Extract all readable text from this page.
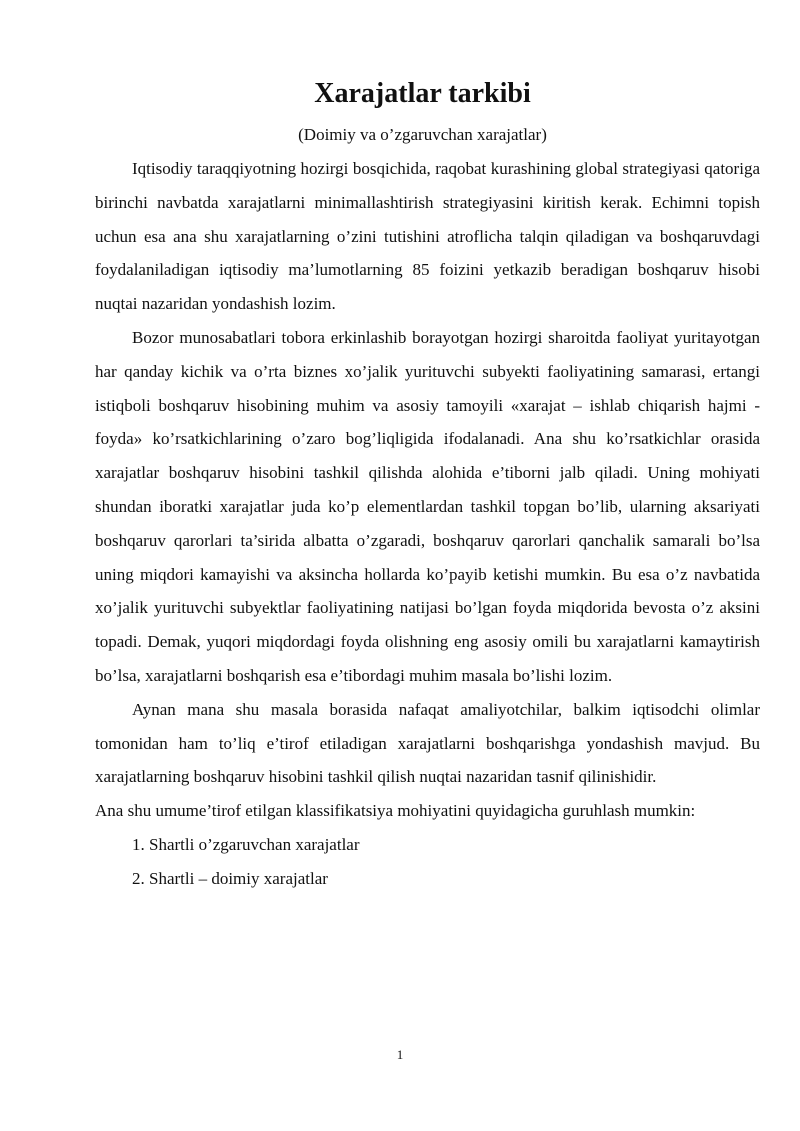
Xarajatlar tarkibi

(Doimiy va o’zgaruvchan xarajatlar)

Iqtisodiy taraqqiyotning hozirgi bosqichida, raqobat kurashining global strategiyasi qatoriga birinchi navbatda xarajatlarni minimallashtirish strategiyasini kiritish kerak. Echimni topish uchun esa ana shu xarajatlarning o’zini tutishini atroflicha talqin qiladigan va boshqaruvdagi foydalaniladigan iqtisodiy ma’lumotlarning 85 foizini yetkazib beradigan boshqaruv hisobi nuqtai nazaridan yondashish lozim.

Bozor munosabatlari tobora erkinlashib borayotgan hozirgi sharoitda faoliyat yuritayotgan har qanday kichik va o’rta biznes xo’jalik yurituvchi subyekti faoliyatining samarasi, ertangi istiqboli boshqaruv hisobining muhim va asosiy tamoyili «xarajat – ishlab chiqarish hajmi - foyda» ko’rsatkichlarining o’zaro bog’liqligida ifodalanadi. Ana shu ko’rsatkichlar orasida xarajatlar boshqaruv hisobini tashkil qilishda alohida e’tiborni jalb qiladi. Uning mohiyati shundan iboratki xarajatlar juda ko’p elementlardan tashkil topgan bo’lib, ularning aksariyati boshqaruv qarorlari ta’sirida albatta o’zgaradi, boshqaruv qarorlari qanchalik samarali bo’lsa uning miqdori kamayishi va aksincha hollarda ko’payib ketishi mumkin. Bu esa o’z navbatida xo’jalik yurituvchi subyektlar faoliyatining natijasi bo’lgan foyda miqdorida bevosta o’z aksini topadi. Demak, yuqori miqdordagi foyda olishning eng asosiy omili bu xarajatlarni kamaytirish bo’lsa, xarajatlarni boshqarish esa e’tibordagi muhim masala bo’lishi lozim.

Aynan mana shu masala borasida nafaqat amaliyotchilar, balkim iqtisodchi olimlar tomonidan ham to’liq e’tirof etiladigan xarajatlarni boshqarishga yondashish mavjud. Bu xarajatlarning boshqaruv hisobini tashkil qilish nuqtai nazaridan tasnif qilinishidir.

Ana shu umume’tirof etilgan klassifikatsiya mohiyatini quyidagicha guruhlash mumkin:

1. Shartli o’zgaruvchan xarajatlar

2. Shartli – doimiy xarajatlar

1
